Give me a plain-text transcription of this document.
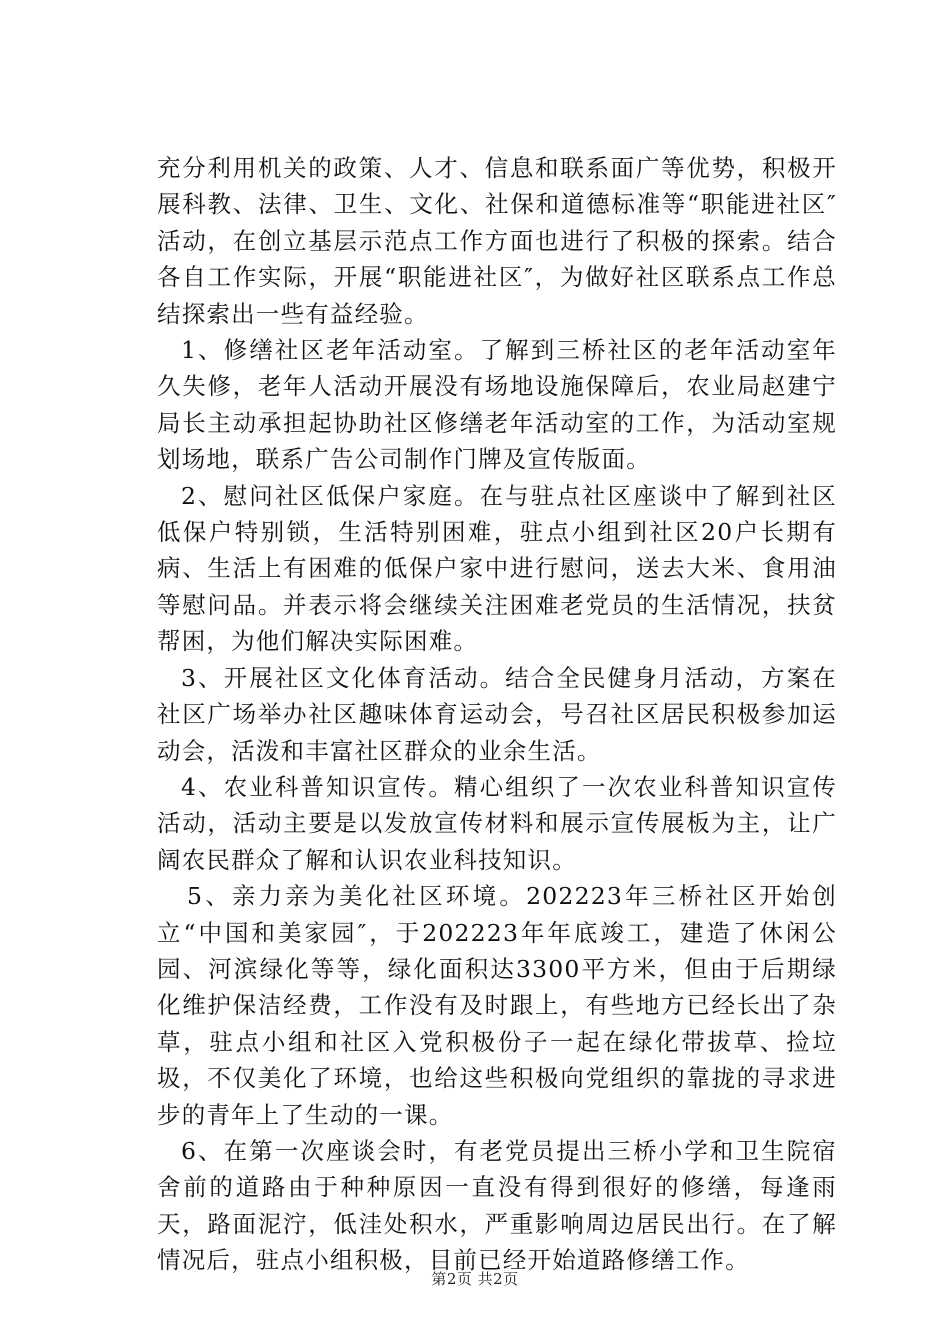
充分利用机关的政策、人才、信息和联系面广等优势，积极开展科教、法律、卫生、文化、社保和道德标准等“职能进社区″活动，在创立基层示范点工作方面也进行了积极的探索。结合各自工作实际，开展“职能进社区″，为做好社区联系点工作总结探索出一些有益经验。

1、修缮社区老年活动室。了解到三桥社区的老年活动室年久失修，老年人活动开展没有场地设施保障后，农业局赵建宁局长主动承担起协助社区修缮老年活动室的工作，为活动室规划场地，联系广告公司制作门牌及宣传版面。

2、慰问社区低保户家庭。在与驻点社区座谈中了解到社区低保户特别锁，生活特别困难，驻点小组到社区20户长期有病、生活上有困难的低保户家中进行慰问，送去大米、食用油等慰问品。并表示将会继续关注困难老党员的生活情况，扶贫帮困，为他们解决实际困难。

3、开展社区文化体育活动。结合全民健身月活动，方案在社区广场举办社区趣味体育运动会，号召社区居民积极参加运动会，活泼和丰富社区群众的业余生活。

4、农业科普知识宣传。精心组织了一次农业科普知识宣传活动，活动主要是以发放宣传材料和展示宣传展板为主，让广阔农民群众了解和认识农业科技知识。

5、亲力亲为美化社区环境。202223年三桥社区开始创立“中国和美家园″，于202223年年底竣工，建造了休闲公园、河滨绿化等等，绿化面积达3300平方米，但由于后期绿化维护保洁经费，工作没有及时跟上，有些地方已经长出了杂草，驻点小组和社区入党积极份子一起在绿化带拔草、捡垃圾，不仅美化了环境，也给这些积极向党组织的靠拢的寻求进步的青年上了生动的一课。

6、在第一次座谈会时，有老党员提出三桥小学和卫生院宿舍前的道路由于种种原因一直没有得到很好的修缮，每逢雨天，路面泥泞，低洼处积水，严重影响周边居民出行。在了解情况后，驻点小组积极，目前已经开始道路修缮工作。

第2页 共2页
